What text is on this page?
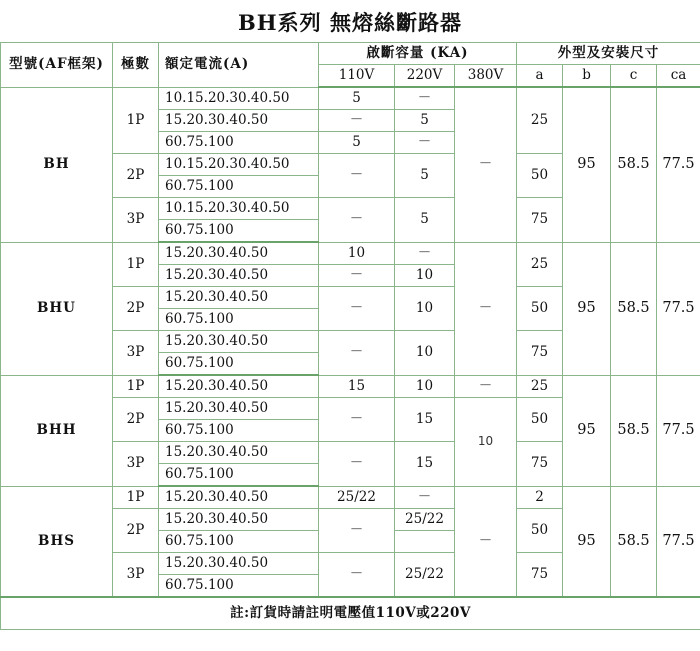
BH系列 無熔絲斷路器
型號(AF框架)	極數	額定電流(A)	啟斷容量 (KA)			外型及安裝尺寸			
			110V	220V	380V	a	b	c	ca
BH	1P	10.15.20.30.40.50	5	－	－	25	95	58.5	77.5
		15.20.30.40.50	－	5					
		60.75.100	5	－					
	2P	10.15.20.30.40.50	－	5		50			
		60.75.100							
	3P	10.15.20.30.40.50	－	5		75			
		60.75.100							
BHU	1P	15.20.30.40.50	10	－	－	25	95	58.5	77.5
		15.20.30.40.50	－	10					
	2P	15.20.30.40.50	－	10		50			
		60.75.100							
	3P	15.20.30.40.50	－	10		75			
		60.75.100							
BHH	1P	15.20.30.40.50	15	10	－	25	95	58.5	77.5
	2P	15.20.30.40.50	－	15	10	50			
		60.75.100							
	3P	15.20.30.40.50	－	15		75			
		60.75.100							
BHS	1P	15.20.30.40.50	25/22	－	－	2	95	58.5	77.5
	2P	15.20.30.40.50	－	25/22		50			
		60.75.100							
	3P	15.20.30.40.50	－	25/22		75			
		60.75.100							
註:訂貨時請註明電壓值110V或220V									
